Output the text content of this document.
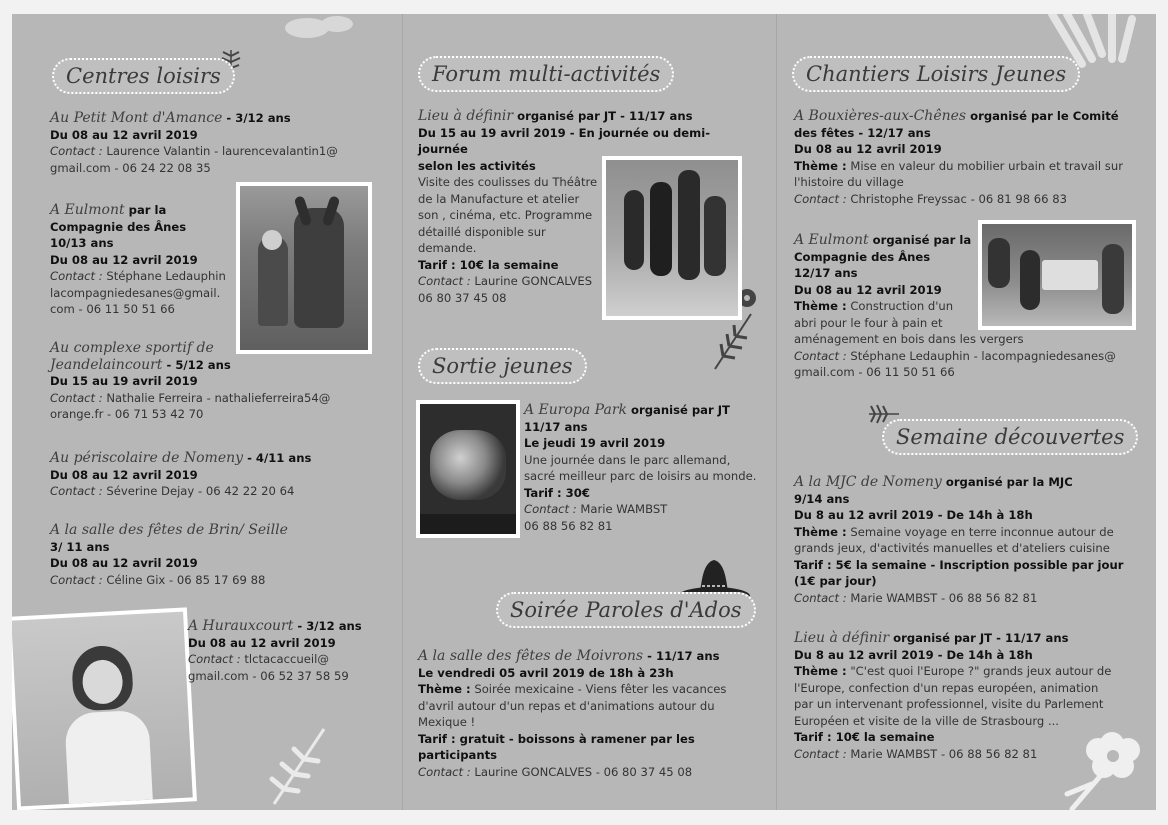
Centres loisirs
Au Petit Mont d'Amance - 3/12 ans
Du 08 au 12 avril 2019
Contact : Laurence Valantin - laurencevalantin1@
gmail.com - 06 24 22 08 35
A Eulmont par la
Compagnie des Ânes
10/13 ans
Du 08 au 12 avril 2019
Contact : Stéphane Ledauphin
lacompagniedesanes@gmail.
com - 06 11 50 51 66
Au complexe sportif de
Jeandelaincourt - 5/12 ans
Du 15 au 19 avril 2019
Contact : Nathalie Ferreira - nathalieferreira54@
orange.fr - 06 71 53 42 70
Au périscolaire de Nomeny - 4/11 ans
Du 08 au 12 avril 2019
Contact : Séverine Dejay - 06 42 22 20 64
A la salle des fêtes de Brin/ Seille
3/ 11 ans
Du 08 au 12 avril 2019
Contact : Céline Gix - 06 85 17 69 88
A Hurauxcourt - 3/12 ans
Du 08 au 12 avril 2019
Contact : tlctacaccueil@
gmail.com - 06 52 37 58 59
Forum multi-activités
Lieu à définir organisé par JT - 11/17 ans
Du 15 au 19 avril 2019 - En journée ou demi-journée
selon les activités
Visite des coulisses du Théâtre
de la Manufacture et atelier
son , cinéma, etc. Programme
détaillé disponible sur
demande.
Tarif : 10€ la semaine
Contact : Laurine GONCALVES
06 80 37 45 08
Sortie jeunes
A Europa Park organisé par JT
11/17 ans
Le jeudi 19 avril 2019
Une journée dans le parc allemand,
sacré meilleur parc de loisirs au monde.
Tarif : 30€
Contact : Marie WAMBST
06 88 56 82 81
Soirée Paroles d'Ados
A la salle des fêtes de Moivrons - 11/17 ans
Le vendredi 05 avril 2019 de 18h à 23h
Thème : Soirée mexicaine - Viens fêter les vacances
d'avril autour d'un repas et d'animations autour du
Mexique !
Tarif : gratuit - boissons à ramener par les participants
Contact : Laurine GONCALVES - 06 80 37 45 08
Chantiers Loisirs Jeunes
A Bouxières-aux-Chênes organisé par le Comité
des fêtes - 12/17 ans
Du 08 au 12 avril 2019
Thème : Mise en valeur du mobilier urbain et travail sur
l'histoire du village
Contact : Christophe Freyssac - 06 81 98 66 83
A Eulmont organisé par la
Compagnie des Ânes
12/17 ans
Du 08 au 12 avril 2019
Thème : Construction d'un
abri pour le four à pain et
aménagement en bois dans les vergers
Contact : Stéphane Ledauphin - lacompagniedesanes@
gmail.com - 06 11 50 51 66
Semaine découvertes
A la MJC de Nomeny organisé par la MJC
9/14 ans
Du 8 au 12 avril 2019 - De 14h à 18h
Thème : Semaine voyage en terre inconnue autour de
grands jeux, d'activités manuelles et d'ateliers cuisine
Tarif : 5€ la semaine - Inscription possible par jour
(1€ par jour)
Contact : Marie WAMBST - 06 88 56 82 81
Lieu à définir organisé par JT - 11/17 ans
Du 8 au 12 avril 2019 - De 14h à 18h
Thème : "C'est quoi l'Europe ?" grands jeux autour de
l'Europe, confection d'un repas européen, animation
par un intervenant professionnel, visite du Parlement
Européen et visite de la ville de Strasbourg ...
Tarif : 10€ la semaine
Contact : Marie WAMBST - 06 88 56 82 81
